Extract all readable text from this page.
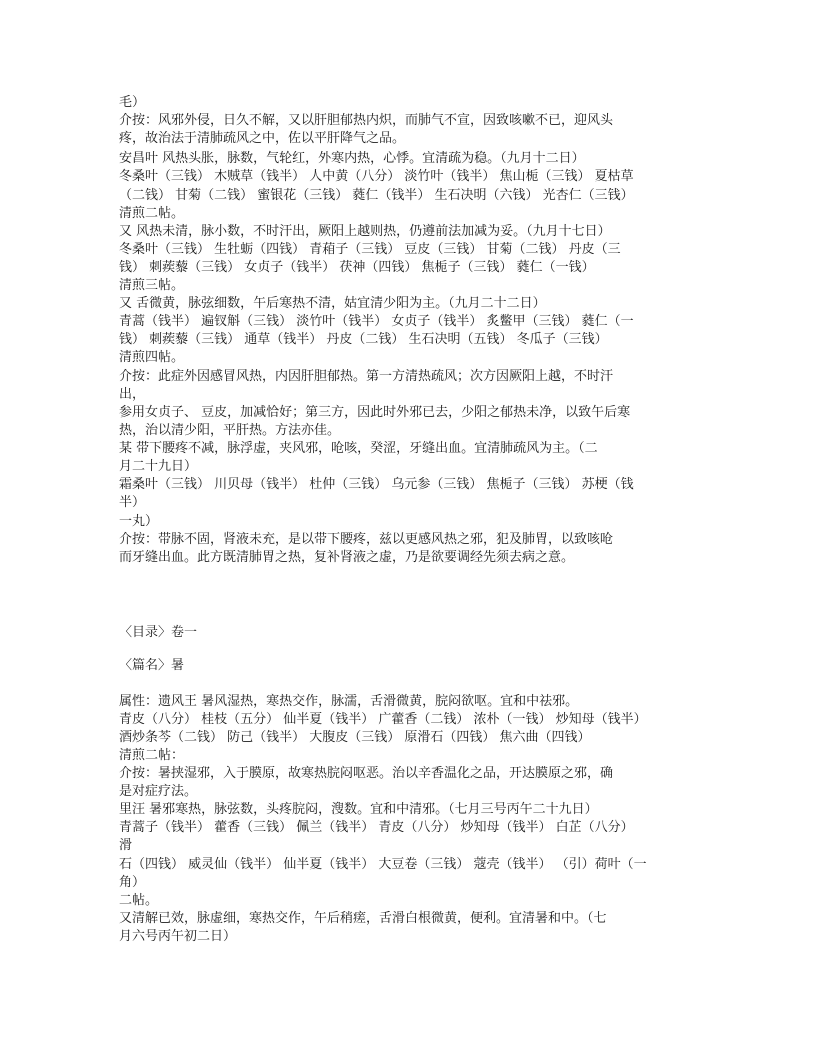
毛）
介按：风邪外侵，日久不解，又以肝胆郁热内炽，而肺气不宣，因致咳嗽不已，迎风头
疼，故治法于清肺疏风之中，佐以平肝降气之品。
安昌叶 风热头胀，脉数，气轮红，外寒内热，心悸。宜清疏为稳。（九月十二日）
冬桑叶（三钱） 木贼草（钱半） 人中黄（八分） 淡竹叶（钱半） 焦山栀（三钱） 夏枯草
（二钱） 甘菊（二钱） 蜜银花（三钱） 蕤仁（钱半） 生石决明（六钱） 光杏仁（三钱）
清煎二帖。
又 风热未清，脉小数，不时汗出，厥阳上越则热，仍遵前法加减为妥。（九月十七日）
冬桑叶（三钱） 生牡蛎（四钱） 青葙子（三钱） 豆皮（三钱） 甘菊（二钱） 丹皮（三
钱） 刺蒺藜（三钱） 女贞子（钱半） 茯神（四钱） 焦栀子（三钱） 蕤仁（一钱）
清煎三帖。
又 舌微黄，脉弦细数，午后寒热不清，姑宜清少阳为主。（九月二十二日）
青蒿（钱半） 遍钗斛（三钱） 淡竹叶（钱半） 女贞子（钱半） 炙鳖甲（三钱） 蕤仁（一
钱） 刺蒺藜（三钱） 通草（钱半） 丹皮（二钱） 生石决明（五钱） 冬瓜子（三钱）
清煎四帖。
介按：此症外因感冒风热，内因肝胆郁热。第一方清热疏风；次方因厥阳上越，不时汗
出，
参用女贞子、 豆皮，加减恰好；第三方，因此时外邪已去，少阳之郁热未净，以致午后寒
热，治以清少阳，平肝热。方法亦佳。
某 带下腰疼不减，脉浮虚，夹风邪，呛咳，癸涩，牙缝出血。宜清肺疏风为主。（二
月二十九日）
霜桑叶（三钱） 川贝母（钱半） 杜仲（三钱） 乌元参（三钱） 焦栀子（三钱） 苏梗（钱
半）
一丸）
介按：带脉不固，肾液未充，是以带下腰疼，兹以更感风热之邪，犯及肺胃，以致咳呛
而牙缝出血。此方既清肺胃之热，复补肾液之虚，乃是欲要调经先须去病之意。
〈目录〉卷一
〈篇名〉暑
属性：遗风王 暑风湿热，寒热交作，脉濡，舌滑微黄，脘闷欲呕。宜和中祛邪。
青皮（八分） 桂枝（五分） 仙半夏（钱半） 广藿香（二钱） 浓朴（一钱） 炒知母（钱半）
酒炒条芩（二钱） 防己（钱半） 大腹皮（三钱） 原滑石（四钱） 焦六曲（四钱）
清煎二帖：
介按：暑挟湿邪，入于膜原，故寒热脘闷呕恶。治以辛香温化之品，开达膜原之邪，确
是对症疗法。
里汪 暑邪寒热，脉弦数，头疼脘闷，溲数。宜和中清邪。（七月三号丙午二十九日）
青蒿子（钱半） 藿香（三钱） 佩兰（钱半） 青皮（八分） 炒知母（钱半） 白芷（八分）
滑
石（四钱） 威灵仙（钱半） 仙半夏（钱半） 大豆卷（三钱） 蔻壳（钱半） （引）荷叶（一
角）
二帖。
又清解已效，脉虚细，寒热交作，午后稍瘥，舌滑白根微黄，便利。宜清暑和中。（七
月六号丙午初二日）
